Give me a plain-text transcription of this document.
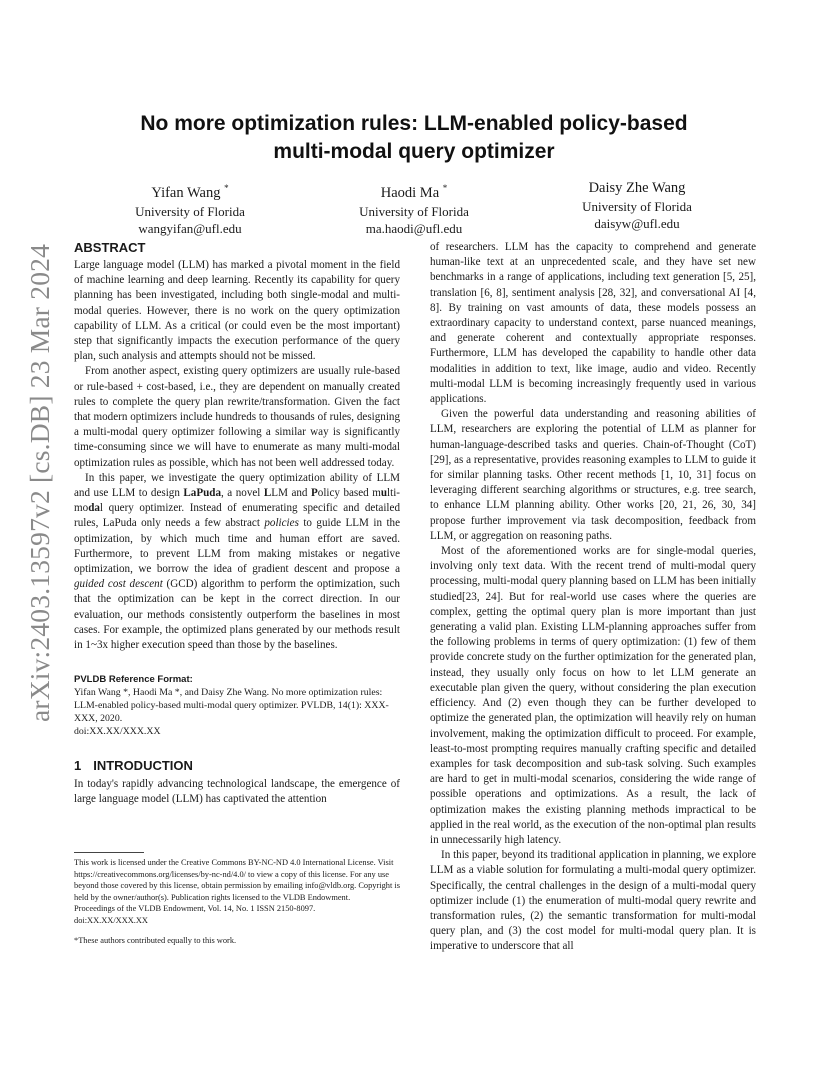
arXiv:2403.13597v2 [cs.DB] 23 Mar 2024
No more optimization rules: LLM-enabled policy-based
multi-modal query optimizer
Yifan Wang *
University of Florida
wangyifan@ufl.edu
Haodi Ma *
University of Florida
ma.haodi@ufl.edu
Daisy Zhe Wang
University of Florida
daisyw@ufl.edu
ABSTRACT

Large language model (LLM) has marked a pivotal moment in the field of machine learning and deep learning. Recently its capability for query planning has been investigated, including both single-modal and multi-modal queries. However, there is no work on the query optimization capability of LLM. As a critical (or could even be the most important) step that significantly impacts the execution performance of the query plan, such analysis and attempts should not be missed.

From another aspect, existing query optimizers are usually rule-based or rule-based + cost-based, i.e., they are dependent on manually created rules to complete the query plan rewrite/transformation. Given the fact that modern optimizers include hundreds to thousands of rules, designing a multi-modal query optimizer following a similar way is significantly time-consuming since we will have to enumerate as many multi-modal optimization rules as possible, which has not been well addressed today.

In this paper, we investigate the query optimization ability of LLM and use LLM to design LaPuda, a novel LLM and Policy based multi-modal query optimizer. Instead of enumerating specific and detailed rules, LaPuda only needs a few abstract policies to guide LLM in the optimization, by which much time and human effort are saved. Furthermore, to prevent LLM from making mistakes or negative optimization, we borrow the idea of gradient descent and propose a guided cost descent (GCD) algorithm to perform the optimization, such that the optimization can be kept in the correct direction. In our evaluation, our methods consistently outperform the baselines in most cases. For example, the optimized plans generated by our methods result in 1~3x higher execution speed than those by the baselines.

PVLDB Reference Format:
Yifan Wang *, Haodi Ma *, and Daisy Zhe Wang. No more optimization rules: LLM-enabled policy-based multi-modal query optimizer. PVLDB, 14(1): XXX-XXX, 2020.
doi:XX.XX/XXX.XX
1 INTRODUCTION

In today's rapidly advancing technological landscape, the emergence of large language model (LLM) has captivated the attention

This work is licensed under the Creative Commons BY-NC-ND 4.0 International License. Visit https://creativecommons.org/licenses/by-nc-nd/4.0/ to view a copy of this license. For any use beyond those covered by this license, obtain permission by emailing info@vldb.org. Copyright is held by the owner/author(s). Publication rights licensed to the VLDB Endowment.
Proceedings of the VLDB Endowment, Vol. 14, No. 1 ISSN 2150-8097.
doi:XX.XX/XXX.XX
*These authors contributed equally to this work.

of researchers. LLM has the capacity to comprehend and generate human-like text at an unprecedented scale, and they have set new benchmarks in a range of applications, including text generation [5, 25], translation [6, 8], sentiment analysis [28, 32], and conversational AI [4, 8]. By training on vast amounts of data, these models possess an extraordinary capacity to understand context, parse nuanced meanings, and generate coherent and contextually appropriate responses. Furthermore, LLM has developed the capability to handle other data modalities in addition to text, like image, audio and video. Recently multi-modal LLM is becoming increasingly frequently used in various applications.

Given the powerful data understanding and reasoning abilities of LLM, researchers are exploring the potential of LLM as planner for human-language-described tasks and queries. Chain-of-Thought (CoT) [29], as a representative, provides reasoning examples to LLM to guide it for similar planning tasks. Other recent methods [1, 10, 31] focus on leveraging different searching algorithms or structures, e.g. tree search, to enhance LLM planning ability. Other works [20, 21, 26, 30, 34] propose further improvement via task decomposition, feedback from LLM, or aggregation on reasoning paths.

Most of the aforementioned works are for single-modal queries, involving only text data. With the recent trend of multi-modal query processing, multi-modal query planning based on LLM has been initially studied[23, 24]. But for real-world use cases where the queries are complex, getting the optimal query plan is more important than just generating a valid plan. Existing LLM-planning approaches suffer from the following problems in terms of query optimization: (1) few of them provide concrete study on the further optimization for the generated plan, instead, they usually only focus on how to let LLM generate an executable plan given the query, without considering the plan execution efficiency. And (2) even though they can be further developed to optimize the generated plan, the optimization will heavily rely on human involvement, making the optimization difficult to proceed. For example, least-to-most prompting requires manually crafting specific and detailed examples for task decomposition and sub-task solving. Such examples are hard to get in multi-modal scenarios, considering the wide range of possible operations and optimizations. As a result, the lack of optimization makes the existing planning methods impractical to be applied in the real world, as the execution of the non-optimal plan results in unnecessarily high latency.

In this paper, beyond its traditional application in planning, we explore LLM as a viable solution for formulating a multi-modal query optimizer. Specifically, the central challenges in the design of a multi-modal query optimizer include (1) the enumeration of multi-modal query rewrite and transformation rules, (2) the semantic transformation for multi-modal query plan, and (3) the cost model for multi-modal query plan. It is imperative to underscore that all
